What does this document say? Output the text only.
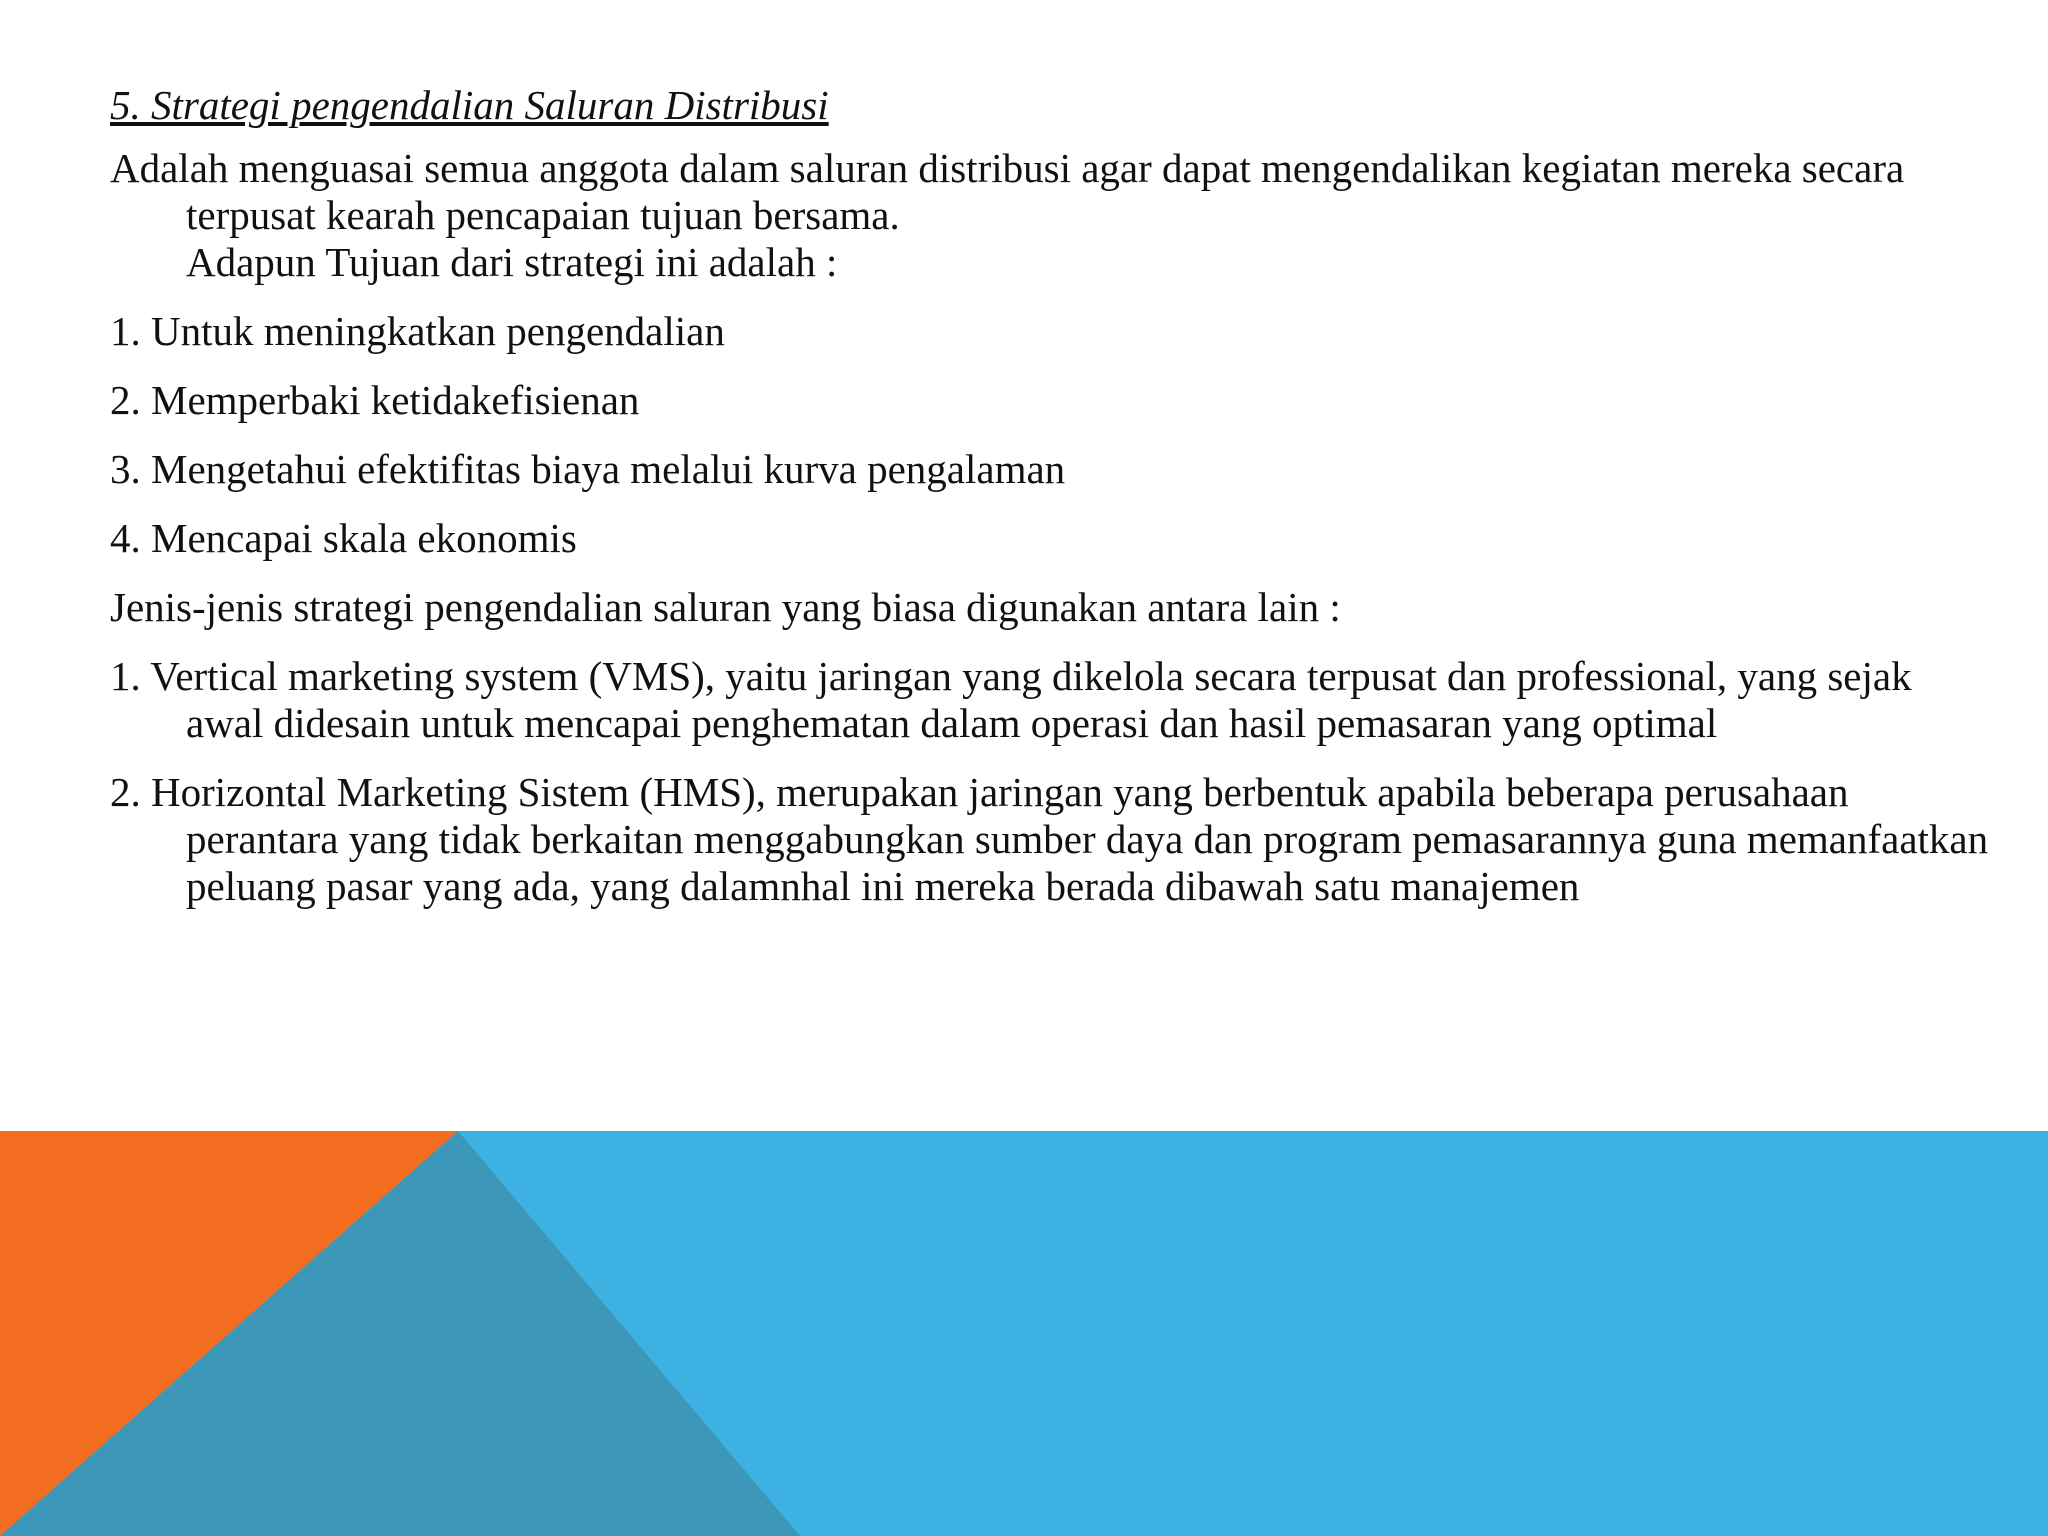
5. Strategi pengendalian Saluran Distribusi

Adalah menguasai semua anggota dalam saluran distribusi agar dapat mengendalikan kegiatan mereka secara terpusat kearah pencapaian tujuan bersama.

Adapun Tujuan dari strategi ini adalah :

1. Untuk meningkatkan pengendalian

2. Memperbaki ketidakefisienan

3. Mengetahui efektifitas biaya melalui kurva pengalaman

4. Mencapai skala ekonomis

Jenis-jenis strategi pengendalian saluran yang biasa digunakan antara lain :

1. Vertical marketing system (VMS), yaitu jaringan yang dikelola secara terpusat dan professional, yang sejak awal didesain untuk mencapai penghematan dalam operasi dan hasil pemasaran yang optimal

2. Horizontal Marketing Sistem (HMS), merupakan jaringan yang berbentuk apabila beberapa perusahaan perantara yang tidak berkaitan menggabungkan sumber daya dan program pemasarannya guna memanfaatkan peluang pasar yang ada, yang dalamnhal ini mereka berada dibawah satu manajemen
